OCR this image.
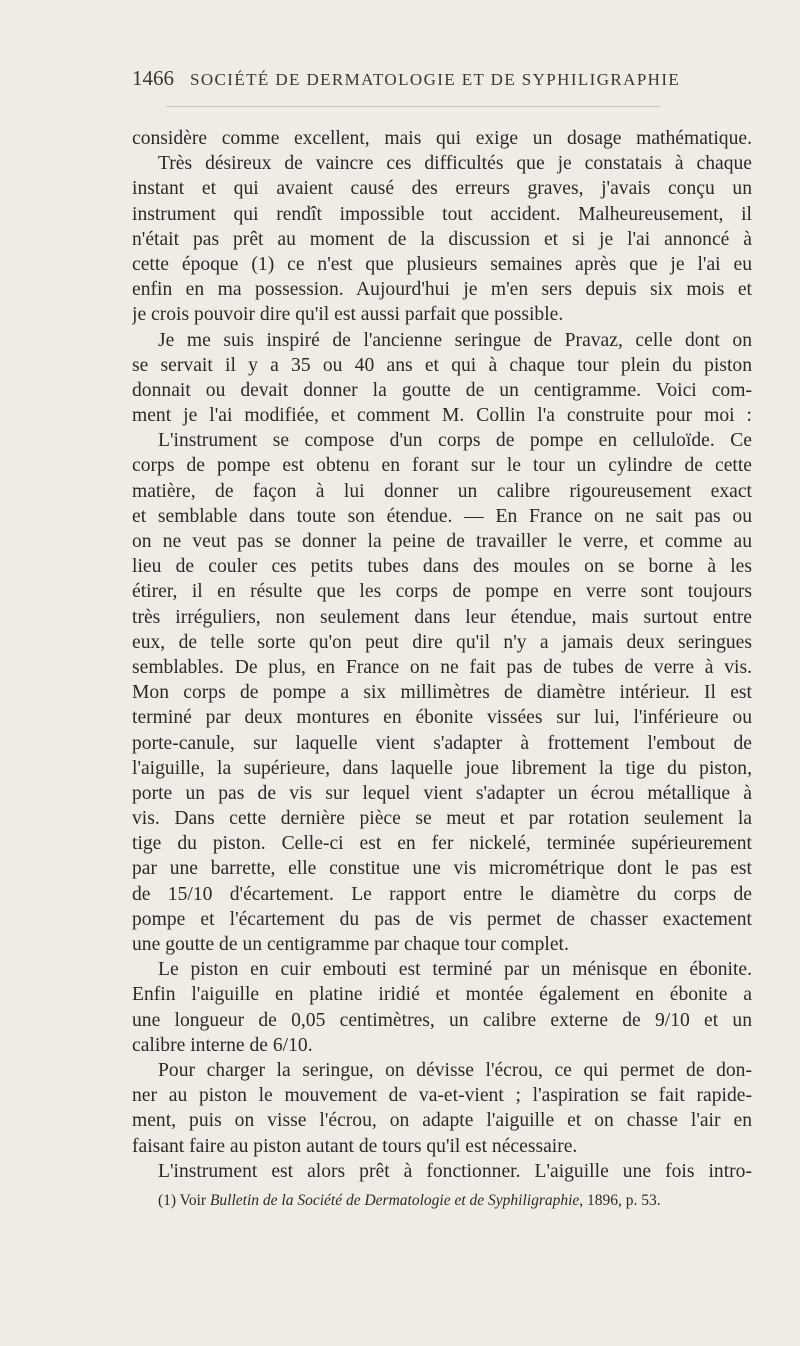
1466 SOCIÉTÉ DE DERMATOLOGIE ET DE SYPHILIGRAPHIE
considère comme excellent, mais qui exige un dosage mathématique.
Très désireux de vaincre ces difficultés que je constatais à chaque
instant et qui avaient causé des erreurs graves, j'avais conçu un
instrument qui rendît impossible tout accident. Malheureusement, il
n'était pas prêt au moment de la discussion et si je l'ai annoncé à
cette époque (1) ce n'est que plusieurs semaines après que je l'ai eu
enfin en ma possession. Aujourd'hui je m'en sers depuis six mois et
je crois pouvoir dire qu'il est aussi parfait que possible.
Je me suis inspiré de l'ancienne seringue de Pravaz, celle dont on
se servait il y a 35 ou 40 ans et qui à chaque tour plein du piston
donnait ou devait donner la goutte de un centigramme. Voici com-
ment je l'ai modifiée, et comment M. Collin l'a construite pour moi :
L'instrument se compose d'un corps de pompe en celluloïde. Ce
corps de pompe est obtenu en forant sur le tour un cylindre de cette
matière, de façon à lui donner un calibre rigoureusement exact
et semblable dans toute son étendue. — En France on ne sait pas ou
on ne veut pas se donner la peine de travailler le verre, et comme au
lieu de couler ces petits tubes dans des moules on se borne à les
étirer, il en résulte que les corps de pompe en verre sont toujours
très irréguliers, non seulement dans leur étendue, mais surtout entre
eux, de telle sorte qu'on peut dire qu'il n'y a jamais deux seringues
semblables. De plus, en France on ne fait pas de tubes de verre à vis.
Mon corps de pompe a six millimètres de diamètre intérieur. Il est
terminé par deux montures en ébonite vissées sur lui, l'inférieure ou
porte-canule, sur laquelle vient s'adapter à frottement l'embout de
l'aiguille, la supérieure, dans laquelle joue librement la tige du piston,
porte un pas de vis sur lequel vient s'adapter un écrou métallique à
vis. Dans cette dernière pièce se meut et par rotation seulement la
tige du piston. Celle-ci est en fer nickelé, terminée supérieurement
par une barrette, elle constitue une vis micrométrique dont le pas est
de 15/10 d'écartement. Le rapport entre le diamètre du corps de
pompe et l'écartement du pas de vis permet de chasser exactement
une goutte de un centigramme par chaque tour complet.
Le piston en cuir embouti est terminé par un ménisque en ébonite.
Enfin l'aiguille en platine iridié et montée également en ébonite a
une longueur de 0,05 centimètres, un calibre externe de 9/10 et un
calibre interne de 6/10.
Pour charger la seringue, on dévisse l'écrou, ce qui permet de don-
ner au piston le mouvement de va-et-vient ; l'aspiration se fait rapide-
ment, puis on visse l'écrou, on adapte l'aiguille et on chasse l'air en
faisant faire au piston autant de tours qu'il est nécessaire.
L'instrument est alors prêt à fonctionner. L'aiguille une fois intro-
(1) Voir Bulletin de la Société de Dermatologie et de Syphiligraphie, 1896, p. 53.
